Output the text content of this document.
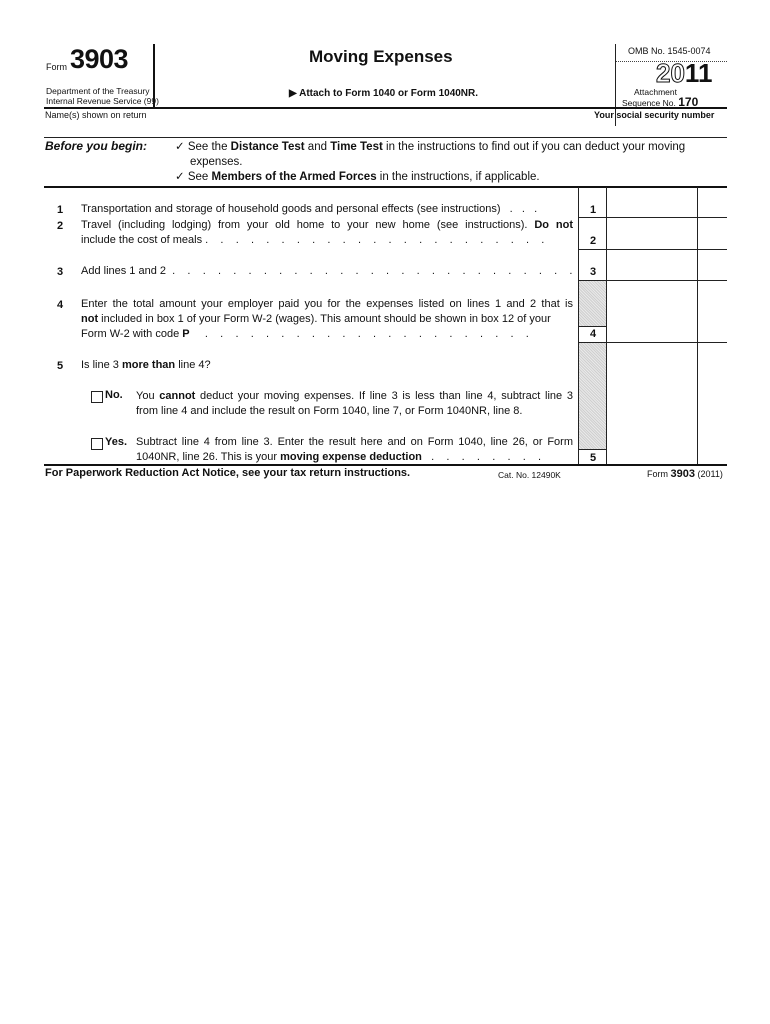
Form 3903
Department of the Treasury
Internal Revenue Service (99)
Moving Expenses
▶ Attach to Form 1040 or Form 1040NR.
OMB No. 1545-0074
2011
Attachment
Sequence No. 170
Name(s) shown on return	Your social security number
Before you begin: ✓ See the Distance Test and Time Test in the instructions to find out if you can deduct your moving
expenses.
✓ See Members of the Armed Forces in the instructions, if applicable.
1 Transportation and storage of household goods and personal effects (see instructions)   .   .   .	1
2 Travel (including lodging) from your old home to your new home (see instructions). Do not
include the cost of meals .    .    .    .    .    .    .    .    .    .    .    .    .    .    .    .    .    .    .    .    .    .    .	2
3 Add lines 1 and 2  .    .    .    .    .    .    .    .    .    .    .    .    .    .    .    .    .    .    .    .    .    .    .    .    .    .    .	3
4 Enter the total amount your employer paid you for the expenses listed on lines 1 and 2 that is
not included in box 1 of your Form W-2 (wages). This amount should be shown in box 12 of your
Form W-2 with code P     .    .    .    .    .    .    .    .    .    .    .    .    .    .    .    .    .    .    .    .    .    .	4
5 Is line 3 more than line 4?
No. You cannot deduct your moving expenses. If line 3 is less than line 4, subtract line 3
from line 4 and include the result on Form 1040, line 7, or Form 1040NR, line 8.
Yes. Subtract line 4 from line 3. Enter the result here and on Form 1040, line 26, or Form
1040NR, line 26. This is your moving expense deduction   .    .    .    .    .    .    .    .	5
For Paperwork Reduction Act Notice, see your tax return instructions.	Cat. No. 12490K	Form 3903 (2011)
